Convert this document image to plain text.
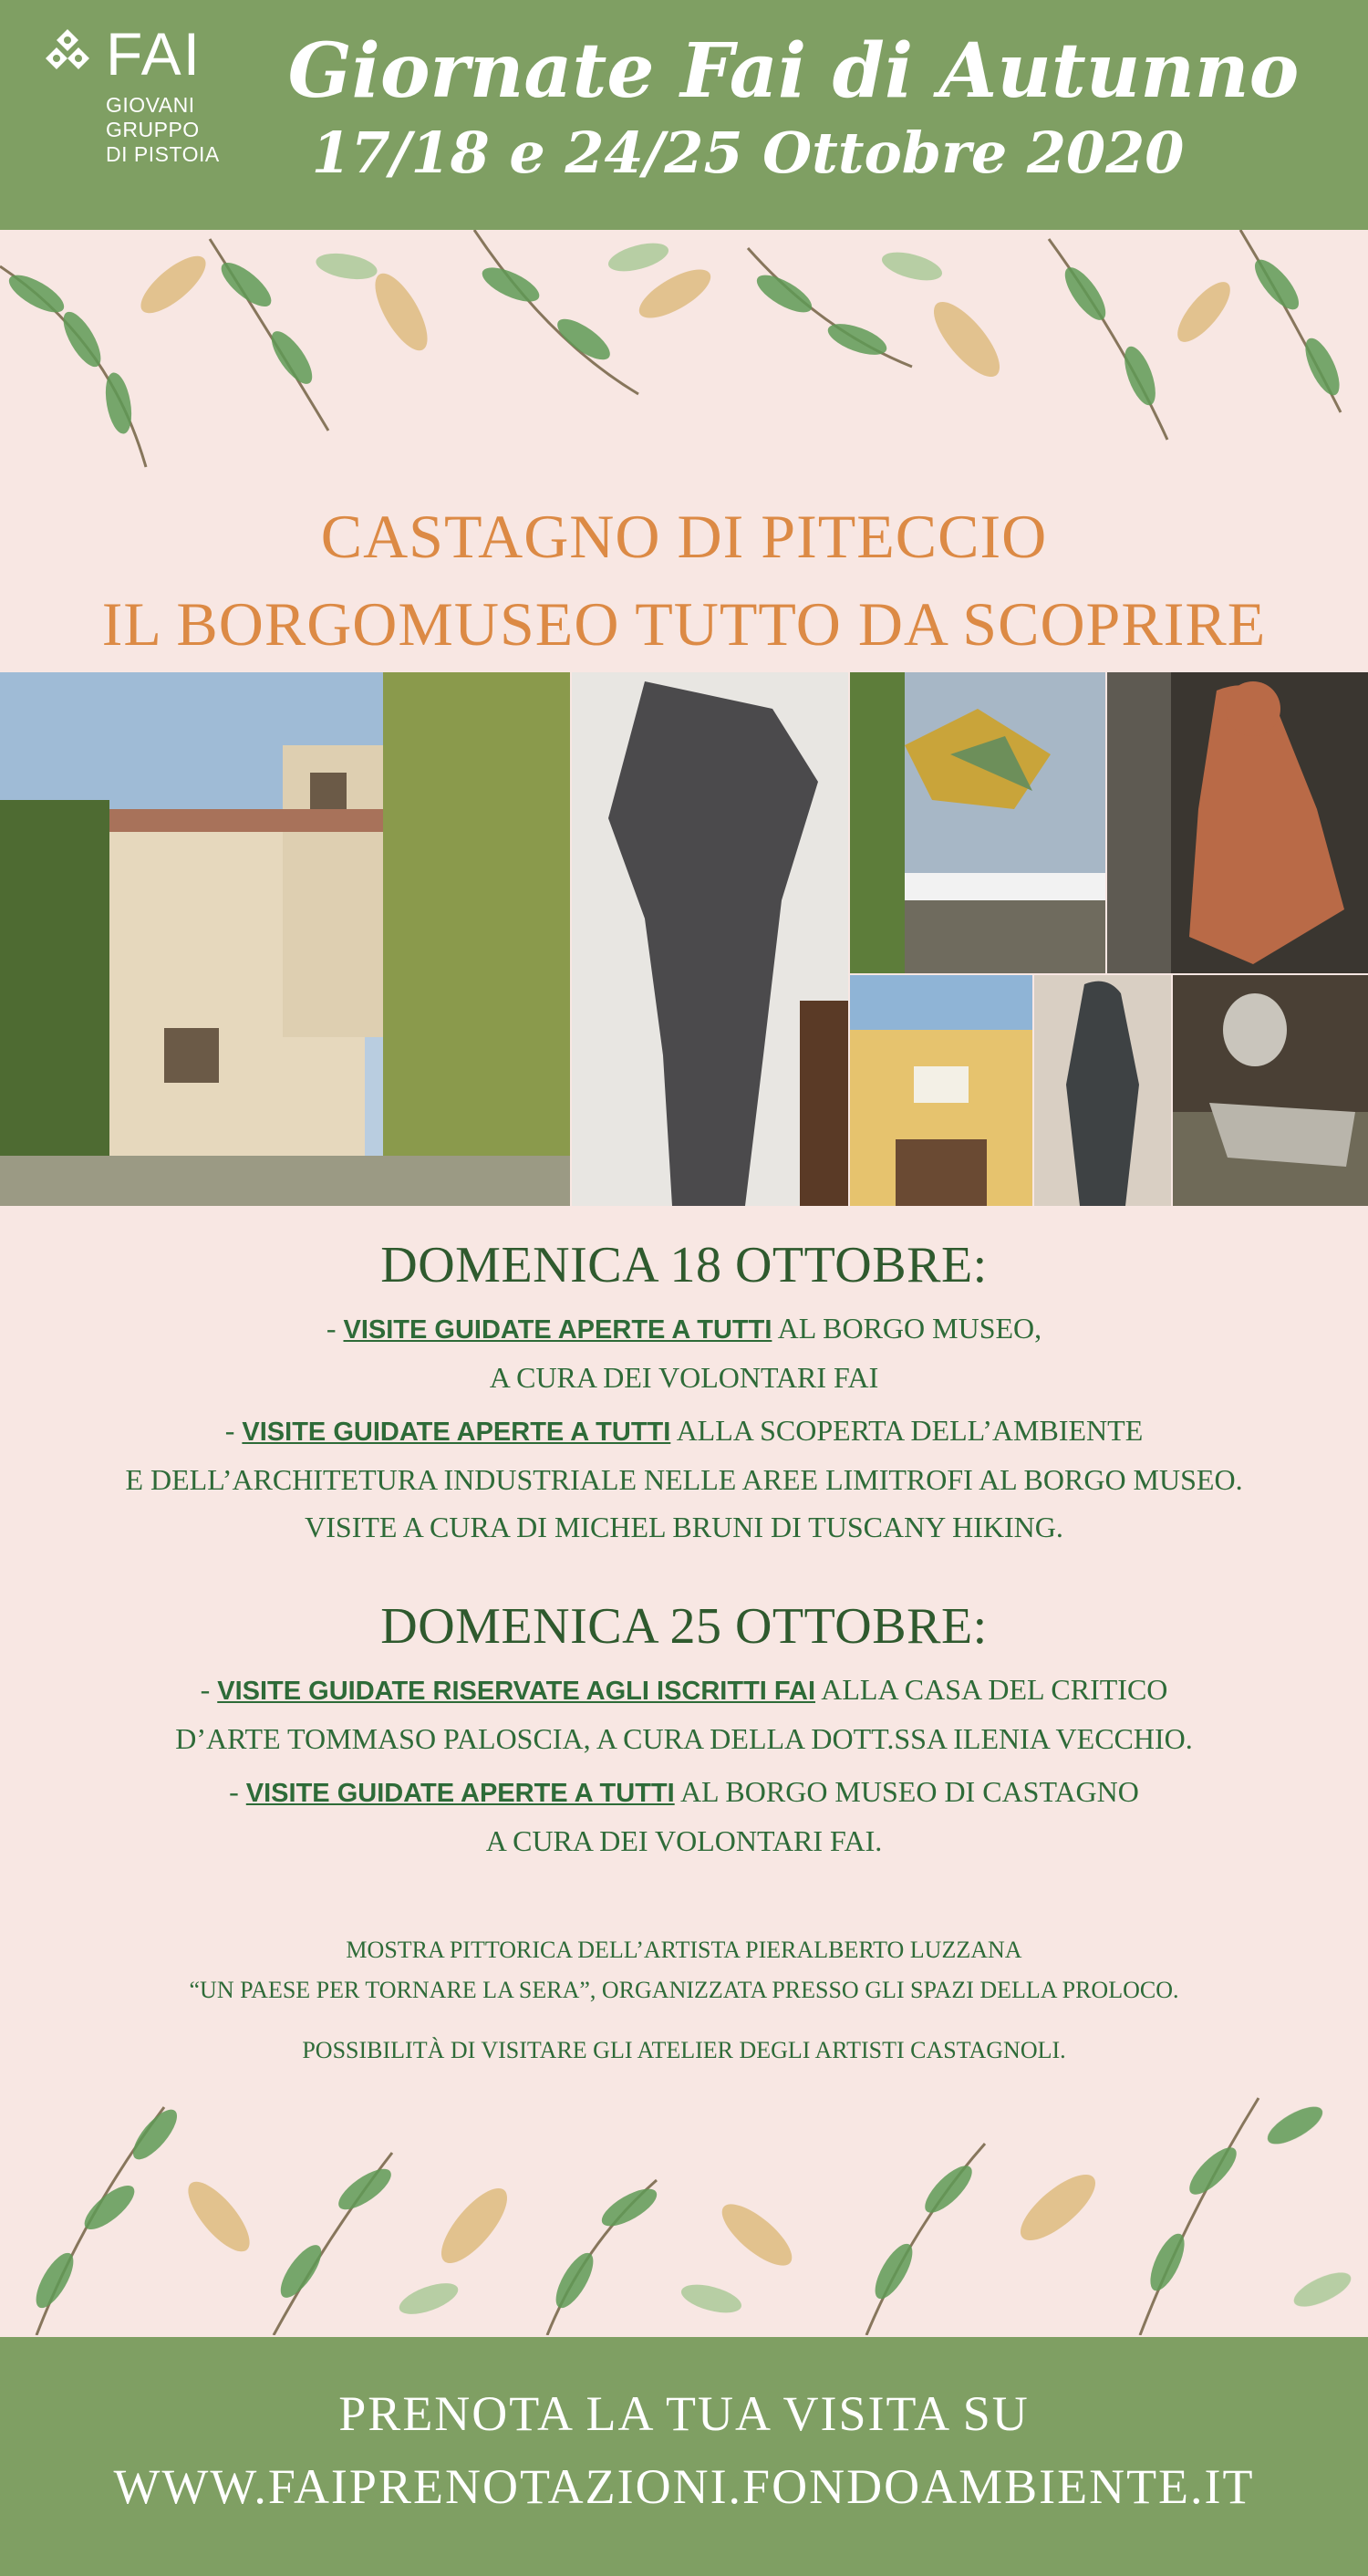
FAI
GIOVANI
GRUPPO
DI PISTOIA
Giornate Fai di Autunno
17/18 e 24/25 Ottobre 2020
CASTAGNO DI PITECCIO
IL BORGOMUSEO TUTTO DA SCOPRIRE
DOMENICA 18 OTTOBRE:
- VISITE GUIDATE APERTE A TUTTI AL BORGO MUSEO,
A CURA DEI VOLONTARI FAI
- VISITE GUIDATE APERTE A TUTTI ALLA SCOPERTA DELL’AMBIENTE
E DELL’ARCHITETURA INDUSTRIALE NELLE AREE LIMITROFI AL BORGO MUSEO.
VISITE A CURA DI MICHEL BRUNI DI TUSCANY HIKING.
DOMENICA 25 OTTOBRE:
- VISITE GUIDATE RISERVATE AGLI ISCRITTI FAI ALLA CASA DEL CRITICO
D’ARTE TOMMASO PALOSCIA, A CURA DELLA DOTT.SSA ILENIA VECCHIO.
- VISITE GUIDATE APERTE A TUTTI AL BORGO MUSEO DI CASTAGNO
A CURA DEI VOLONTARI FAI.
MOSTRA PITTORICA DELL’ARTISTA PIERALBERTO LUZZANA
“UN PAESE PER TORNARE LA SERA”, ORGANIZZATA PRESSO GLI SPAZI DELLA PROLOCO.
POSSIBILITÀ DI VISITARE GLI ATELIER DEGLI ARTISTI CASTAGNOLI.
PRENOTA LA TUA VISITA SU
WWW.FAIPRENOTAZIONI.FONDOAMBIENTE.IT
